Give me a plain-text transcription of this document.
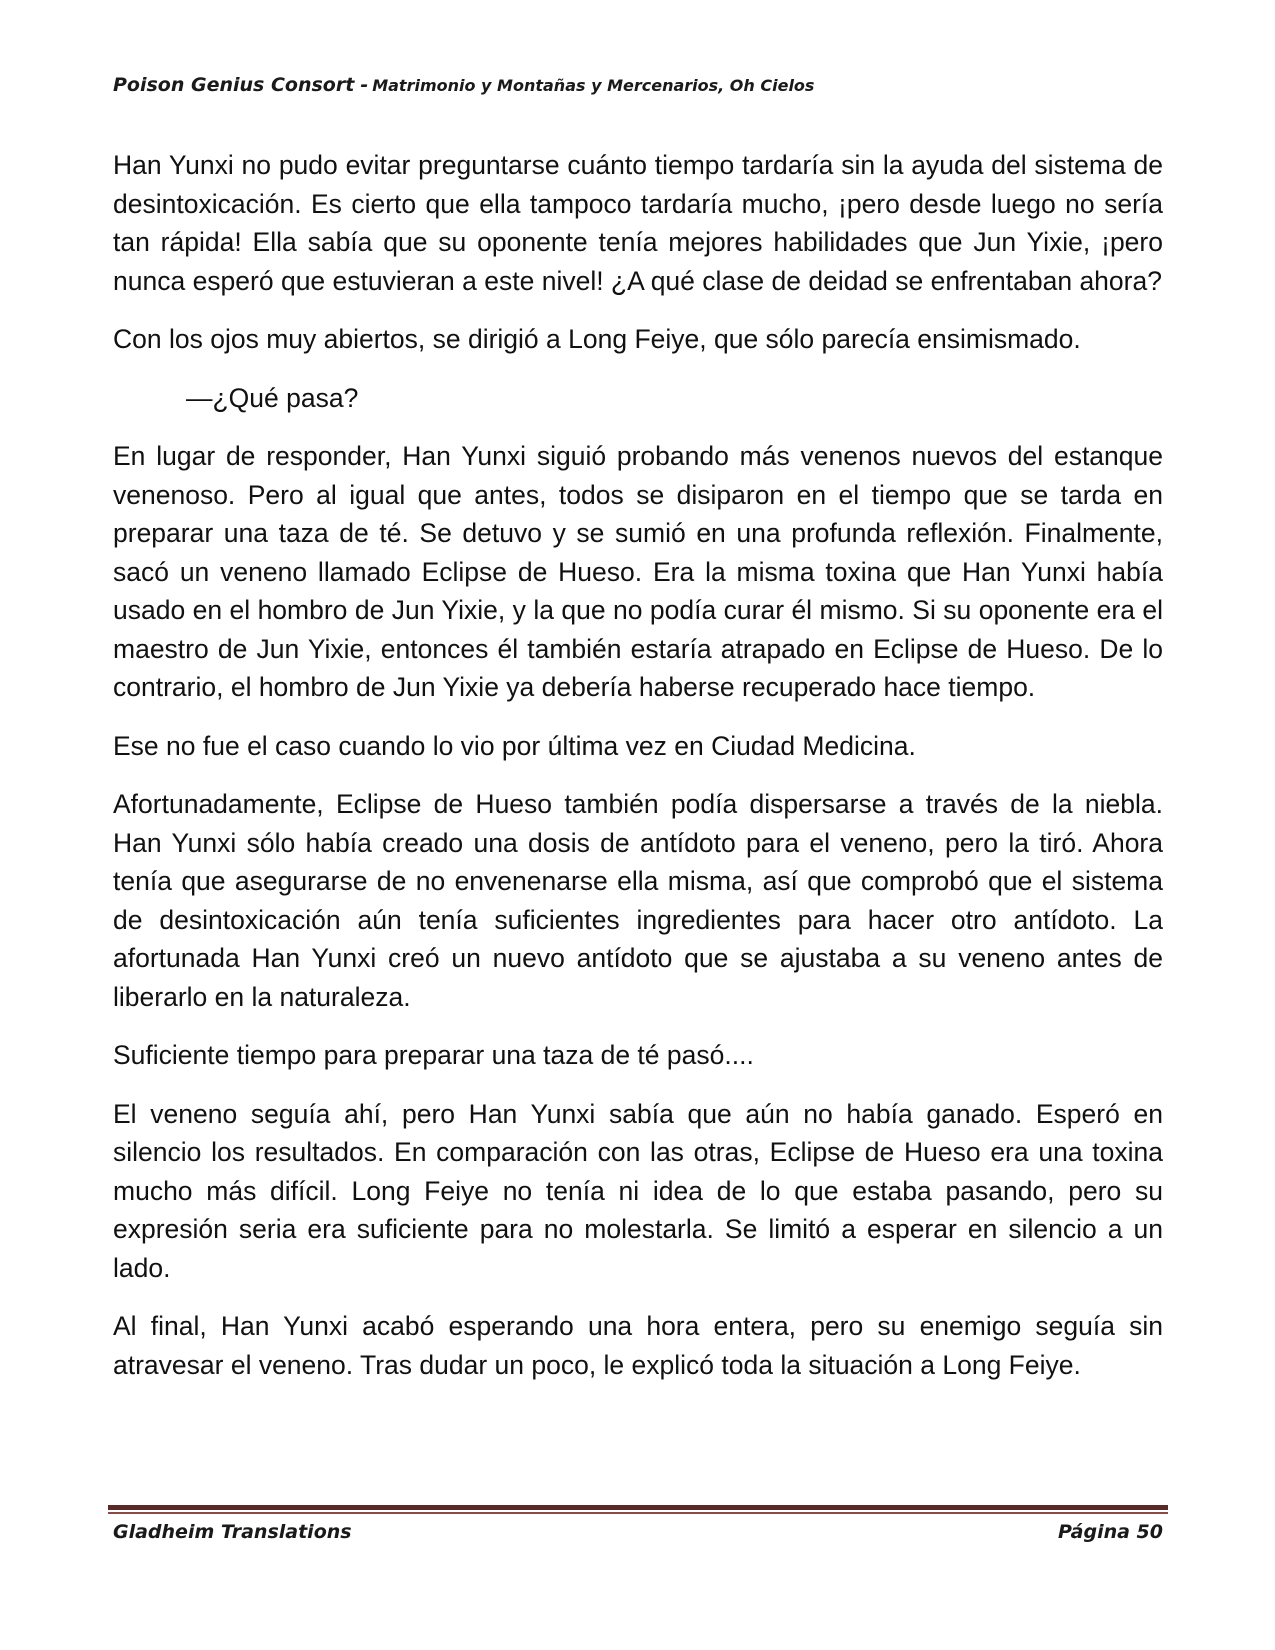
Poison Genius Consort - Matrimonio y Montañas y Mercenarios, Oh Cielos

Han Yunxi no pudo evitar preguntarse cuánto tiempo tardaría sin la ayuda del sistema de desintoxicación. Es cierto que ella tampoco tardaría mucho, ¡pero desde luego no sería tan rápida! Ella sabía que su oponente tenía mejores habilidades que Jun Yixie, ¡pero nunca esperó que estuvieran a este nivel! ¿A qué clase de deidad se enfrentaban ahora?

Con los ojos muy abiertos, se dirigió a Long Feiye, que sólo parecía ensimismado.

—¿Qué pasa?

En lugar de responder, Han Yunxi siguió probando más venenos nuevos del estanque venenoso. Pero al igual que antes, todos se disiparon en el tiempo que se tarda en preparar una taza de té. Se detuvo y se sumió en una profunda reflexión. Finalmente, sacó un veneno llamado Eclipse de Hueso. Era la misma toxina que Han Yunxi había usado en el hombro de Jun Yixie, y la que no podía curar él mismo. Si su oponente era el maestro de Jun Yixie, entonces él también estaría atrapado en Eclipse de Hueso. De lo contrario, el hombro de Jun Yixie ya debería haberse recuperado hace tiempo.

Ese no fue el caso cuando lo vio por última vez en Ciudad Medicina.

Afortunadamente, Eclipse de Hueso también podía dispersarse a través de la niebla. Han Yunxi sólo había creado una dosis de antídoto para el veneno, pero la tiró. Ahora tenía que asegurarse de no envenenarse ella misma, así que comprobó que el sistema de desintoxicación aún tenía suficientes ingredientes para hacer otro antídoto. La afortunada Han Yunxi creó un nuevo antídoto que se ajustaba a su veneno antes de liberarlo en la naturaleza.

Suficiente tiempo para preparar una taza de té pasó....

El veneno seguía ahí, pero Han Yunxi sabía que aún no había ganado. Esperó en silencio los resultados. En comparación con las otras, Eclipse de Hueso era una toxina mucho más difícil. Long Feiye no tenía ni idea de lo que estaba pasando, pero su expresión seria era suficiente para no molestarla. Se limitó a esperar en silencio a un lado.

Al final, Han Yunxi acabó esperando una hora entera, pero su enemigo seguía sin atravesar el veneno. Tras dudar un poco, le explicó toda la situación a Long Feiye.

Gladheim Translations	Página 50
